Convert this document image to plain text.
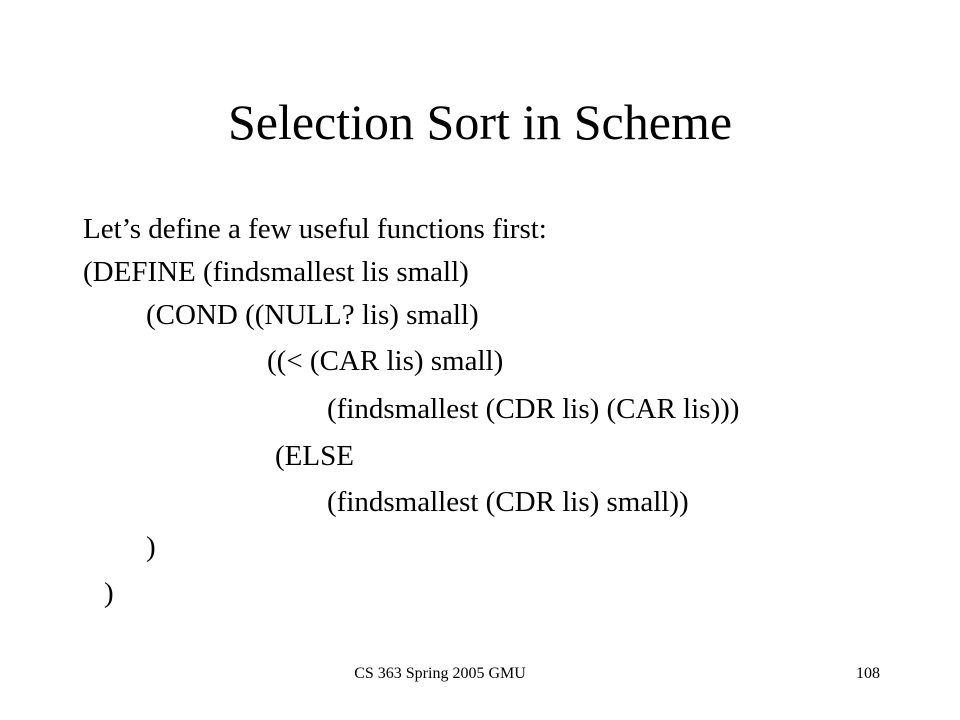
Selection Sort in Scheme
Let’s define a few useful functions first:
(DEFINE (findsmallest lis small)
(COND ((NULL? lis) small)
((< (CAR lis) small)
(findsmallest (CDR lis) (CAR lis)))
(ELSE
(findsmallest (CDR lis) small))
)
)
CS 363 Spring 2005 GMU	108
